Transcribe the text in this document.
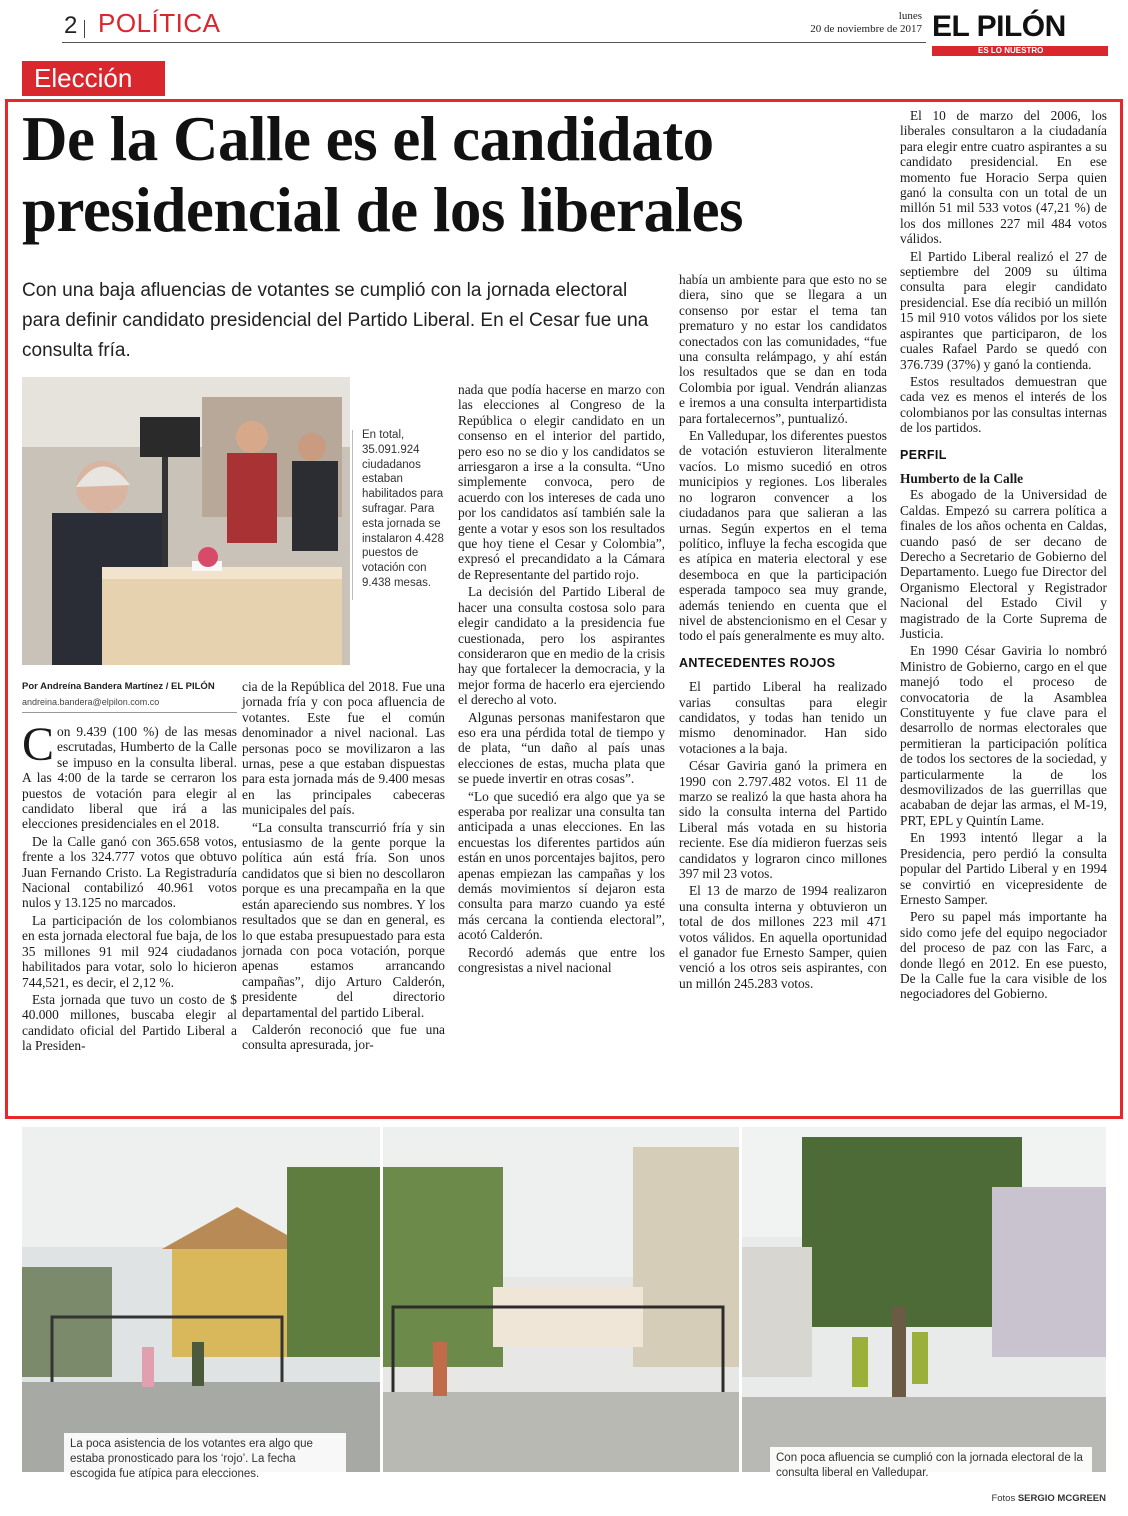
2 POLÍTICA	lunes
20 de noviembre de 2017 EL PILÓN
ES LO NUESTRO
Elección
De la Calle es el candidato presidencial de los liberales

Con una baja afluencias de votantes se cumplió con la jornada electoral para definir candidato presidencial del Partido Liberal. En el Cesar fue una consulta fría.

En total, 35.091.924 ciudadanos estaban habilitados para sufragar. Para esta jornada se instalaron 4.428 puestos de votación con 9.438 mesas.
Por Andreína Bandera Martínez / EL PILÓN
andreina.bandera@elpilon.com.co

Con 9.439 (100 %) de las mesas escrutadas, Humberto de la Calle se impuso en la consulta liberal. A las 4:00 de la tarde se cerraron los puestos de votación para elegir al candidato liberal que irá a las elecciones presidenciales en el 2018.

De la Calle ganó con 365.658 votos, frente a los 324.777 votos que obtuvo Juan Fernando Cristo. La Registraduría Nacional contabilizó 40.961 votos nulos y 13.125 no marcados.

La participación de los colombianos en esta jornada electoral fue baja, de los 35 millones 91 mil 924 ciudadanos habilitados para votar, solo lo hicieron 744,521, es decir, el 2,12 %.

Esta jornada que tuvo un costo de $ 40.000 millones, buscaba elegir al candidato oficial del Partido Liberal a la Presiden-

cia de la República del 2018. Fue una jornada fría y con poca afluencia de votantes. Este fue el común denominador a nivel nacional. Las personas poco se movilizaron a las urnas, pese a que estaban dispuestas para esta jornada más de 9.400 mesas en las principales cabeceras municipales del país.

“La consulta transcurrió fría y sin entusiasmo de la gente porque la política aún está fría. Son unos candidatos que si bien no descollaron porque es una precampaña en la que están apareciendo sus nombres. Y los resultados que se dan en general, es lo que estaba presupuestado para esta jornada con poca votación, porque apenas estamos arrancando campañas”, dijo Arturo Calderón, presidente del directorio departamental del partido Liberal.

Calderón reconoció que fue una consulta apresurada, jor-

nada que podía hacerse en marzo con las elecciones al Congreso de la República o elegir candidato en un consenso en el interior del partido, pero eso no se dio y los candidatos se arriesgaron a irse a la consulta. “Uno simplemente convoca, pero de acuerdo con los intereses de cada uno por los candidatos así también sale la gente a votar y esos son los resultados que hoy tiene el Cesar y Colombia”, expresó el precandidato a la Cámara de Representante del partido rojo.

La decisión del Partido Liberal de hacer una consulta costosa solo para elegir candidato a la presidencia fue cuestionada, pero los aspirantes consideraron que en medio de la crisis hay que fortalecer la democracia, y la mejor forma de hacerlo era ejerciendo el derecho al voto.

Algunas personas manifestaron que eso era una pérdida total de tiempo y de plata, “un daño al país unas elecciones de estas, mucha plata que se puede invertir en otras cosas”.

“Lo que sucedió era algo que ya se esperaba por realizar una consulta tan anticipada a unas elecciones. En las encuestas los diferentes partidos aún están en unos porcentajes bajitos, pero apenas empiezan las campañas y los demás movimientos sí dejaron esta consulta para marzo cuando ya esté más cercana la contienda electoral”, acotó Calderón.

Recordó además que entre los congresistas a nivel nacional

había un ambiente para que esto no se diera, sino que se llegara a un consenso por estar el tema tan prematuro y no estar los candidatos conectados con las comunidades, “fue una consulta relámpago, y ahí están los resultados que se dan en toda Colombia por igual. Vendrán alianzas e iremos a una consulta interpartidista para fortalecernos”, puntualizó.

En Valledupar, los diferentes puestos de votación estuvieron literalmente vacíos. Lo mismo sucedió en otros municipios y regiones. Los liberales no lograron convencer a los ciudadanos para que salieran a las urnas. Según expertos en el tema político, influye la fecha escogida que es atípica en materia electoral y ese desemboca en que la participación esperada tampoco sea muy grande, además teniendo en cuenta que el nivel de abstencionismo en el Cesar y todo el país generalmente es muy alto.

ANTECEDENTES ROJOS

El partido Liberal ha realizado varias consultas para elegir candidatos, y todas han tenido un mismo denominador. Han sido votaciones a la baja.

César Gaviria ganó la primera en 1990 con 2.797.482 votos. El 11 de marzo se realizó la que hasta ahora ha sido la consulta interna del Partido Liberal más votada en su historia reciente. Ese día midieron fuerzas seis candidatos y lograron cinco millones 397 mil 23 votos.

El 13 de marzo de 1994 realizaron una consulta interna y obtuvieron un total de dos millones 223 mil 471 votos válidos. En aquella oportunidad el ganador fue Ernesto Samper, quien venció a los otros seis aspirantes, con un millón 245.283 votos.

El 10 de marzo del 2006, los liberales consultaron a la ciudadanía para elegir entre cuatro aspirantes a su candidato presidencial. En ese momento fue Horacio Serpa quien ganó la consulta con un total de un millón 51 mil 533 votos (47,21 %) de los dos millones 227 mil 484 votos válidos.

El Partido Liberal realizó el 27 de septiembre del 2009 su última consulta para elegir candidato presidencial. Ese día recibió un millón 15 mil 910 votos válidos por los siete aspirantes que participaron, de los cuales Rafael Pardo se quedó con 376.739 (37%) y ganó la contienda.

Estos resultados demuestran que cada vez es menos el interés de los colombianos por las consultas internas de los partidos.

PERFIL
Humberto de la Calle

Es abogado de la Universidad de Caldas. Empezó su carrera política a finales de los años ochenta en Caldas, cuando pasó de ser decano de Derecho a Secretario de Gobierno del Departamento. Luego fue Director del Organismo Electoral y Registrador Nacional del Estado Civil y magistrado de la Corte Suprema de Justicia.

En 1990 César Gaviria lo nombró Ministro de Gobierno, cargo en el que manejó todo el proceso de convocatoria de la Asamblea Constituyente y fue clave para el desarrollo de normas electorales que permitieran la participación política de todos los sectores de la sociedad, y particularmente la de los desmovilizados de las guerrillas que acababan de dejar las armas, el M-19, PRT, EPL y Quintín Lame.

En 1993 intentó llegar a la Presidencia, pero perdió la consulta popular del Partido Liberal y en 1994 se convirtió en vicepresidente de Ernesto Samper.

Pero su papel más importante ha sido como jefe del equipo negociador del proceso de paz con las Farc, a donde llegó en 2012. En ese puesto, De la Calle fue la cara visible de los negociadores del Gobierno.

La poca asistencia de los votantes era algo que estaba pronosticado para los ‘rojo’. La fecha escogida fue atípica para elecciones.
Con poca afluencia se cumplió con la jornada electoral de la consulta liberal en Valledupar.
Fotos SERGIO MCGREEN
